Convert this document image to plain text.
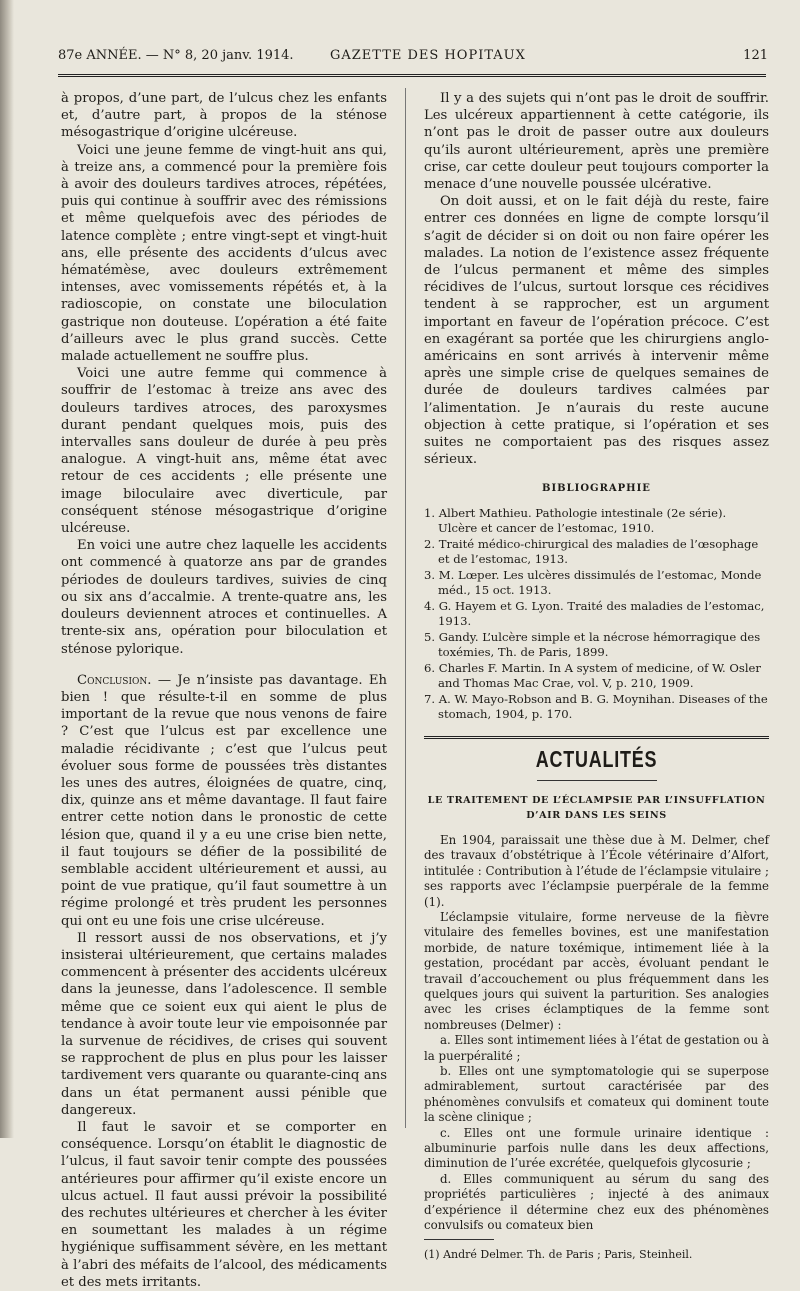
87e ANNÉE. — N° 8, 20 janv. 1914.	GAZETTE DES HOPITAUX	121

à propos, d’une part, de l’ulcus chez les enfants et, d’autre part, à propos de la sténose mésogastrique d’origine ulcéreuse.

Voici une jeune femme de vingt-huit ans qui, à treize ans, a commencé pour la première fois à avoir des douleurs tardives atroces, répétées, puis qui continue à souffrir avec des rémissions et même quelquefois avec des périodes de latence complète ; entre vingt-sept et vingt-huit ans, elle présente des accidents d’ulcus avec hématémèse, avec douleurs extrêmement intenses, avec vomissements répétés et, à la radioscopie, on constate une biloculation gastrique non douteuse. L’opération a été faite d’ailleurs avec le plus grand succès. Cette malade actuellement ne souffre plus.

Voici une autre femme qui commence à souffrir de l’estomac à treize ans avec des douleurs tardives atroces, des paroxysmes durant pendant quelques mois, puis des intervalles sans douleur de durée à peu près analogue. A vingt-huit ans, même état avec retour de ces accidents ; elle présente une image biloculaire avec diverticule, par conséquent sténose mésogastrique d’origine ulcéreuse.

En voici une autre chez laquelle les accidents ont commencé à quatorze ans par de grandes périodes de douleurs tardives, suivies de cinq ou six ans d’accalmie. A trente-quatre ans, les douleurs deviennent atroces et continuelles. A trente-six ans, opération pour biloculation et sténose pylorique.

Conclusion. — Je n’insiste pas davantage. Eh bien ! que résulte-t-il en somme de plus important de la revue que nous venons de faire ? C’est que l’ulcus est par excellence une maladie récidivante ; c’est que l’ulcus peut évoluer sous forme de poussées très distantes les unes des autres, éloignées de quatre, cinq, dix, quinze ans et même davantage. Il faut faire entrer cette notion dans le pronostic de cette lésion que, quand il y a eu une crise bien nette, il faut toujours se défier de la possibilité de semblable accident ultérieurement et aussi, au point de vue pratique, qu’il faut soumettre à un régime prolongé et très prudent les personnes qui ont eu une fois une crise ulcéreuse.

Il ressort aussi de nos observations, et j’y insisterai ultérieurement, que certains malades commencent à présenter des accidents ulcéreux dans la jeunesse, dans l’adolescence. Il semble même que ce soient eux qui aient le plus de tendance à avoir toute leur vie empoisonnée par la survenue de récidives, de crises qui souvent se rapprochent de plus en plus pour les laisser tardivement vers quarante ou quarante-cinq ans dans un état permanent aussi pénible que dangereux.

Il faut le savoir et se comporter en conséquence. Lorsqu’on établit le diagnostic de l’ulcus, il faut savoir tenir compte des poussées antérieures pour affirmer qu’il existe encore un ulcus actuel. Il faut aussi prévoir la possibilité des rechutes ultérieures et chercher à les éviter en soumettant les malades à un régime hygiénique suffisamment sévère, en les mettant à l’abri des méfaits de l’alcool, des médicaments et des mets irritants.

Il y a des sujets qui n’ont pas le droit de souffrir. Les ulcéreux appartiennent à cette catégorie, ils n’ont pas le droit de passer outre aux douleurs qu’ils auront ultérieurement, après une première crise, car cette douleur peut toujours comporter la menace d’une nouvelle poussée ulcérative.

On doit aussi, et on le fait déjà du reste, faire entrer ces données en ligne de compte lorsqu’il s’agit de décider si on doit ou non faire opérer les malades. La notion de l’existence assez fréquente de l’ulcus permanent et même des simples récidives de l’ulcus, surtout lorsque ces récidives tendent à se rapprocher, est un argument important en faveur de l’opération précoce. C’est en exagérant sa portée que les chirurgiens anglo-américains en sont arrivés à intervenir même après une simple crise de quelques semaines de durée de douleurs tardives calmées par l’alimentation. Je n’aurais du reste aucune objection à cette pratique, si l’opération et ses suites ne comportaient pas des risques assez sérieux.

BIBLIOGRAPHIE
1. Albert Mathieu. Pathologie intestinale (2e série). Ulcère et cancer de l’estomac, 1910.
2. Traité médico-chirurgical des maladies de l’œsophage et de l’estomac, 1913.
3. M. Lœper. Les ulcères dissimulés de l’estomac, Monde méd., 15 oct. 1913.
4. G. Hayem et G. Lyon. Traité des maladies de l’estomac, 1913.
5. Gandy. L’ulcère simple et la nécrose hémorragique des toxémies, Th. de Paris, 1899.
6. Charles F. Martin. In A system of medicine, of W. Osler and Thomas Mac Crae, vol. V, p. 210, 1909.
7. A. W. Mayo-Robson and B. G. Moynihan. Diseases of the stomach, 1904, p. 170.
ACTUALITÉS
LE TRAITEMENT DE L’ÉCLAMPSIE PAR L’INSUFFLATION D’AIR DANS LES SEINS

En 1904, paraissait une thèse due à M. Delmer, chef des travaux d’obstétrique à l’École vétérinaire d’Alfort, intitulée : Contribution à l’étude de l’éclampsie vitulaire ; ses rapports avec l’éclampsie puerpérale de la femme (1).

L’éclampsie vitulaire, forme nerveuse de la fièvre vitulaire des femelles bovines, est une manifestation morbide, de nature toxémique, intimement liée à la gestation, procédant par accès, évoluant pendant le travail d’accouchement ou plus fréquemment dans les quelques jours qui suivent la parturition. Ses analogies avec les crises éclamptiques de la femme sont nombreuses (Delmer) :

a. Elles sont intimement liées à l’état de gestation ou à la puerpéralité ;

b. Elles ont une symptomatologie qui se superpose admirablement, surtout caractérisée par des phénomènes convulsifs et comateux qui dominent toute la scène clinique ;

c. Elles ont une formule urinaire identique : albuminurie parfois nulle dans les deux affections, diminution de l’urée excrétée, quelquefois glycosurie ;

d. Elles communiquent au sérum du sang des propriétés particulières ; injecté à des animaux d’expérience il détermine chez eux des phénomènes convulsifs ou comateux bien

(1) André Delmer. Th. de Paris ; Paris, Steinheil.
